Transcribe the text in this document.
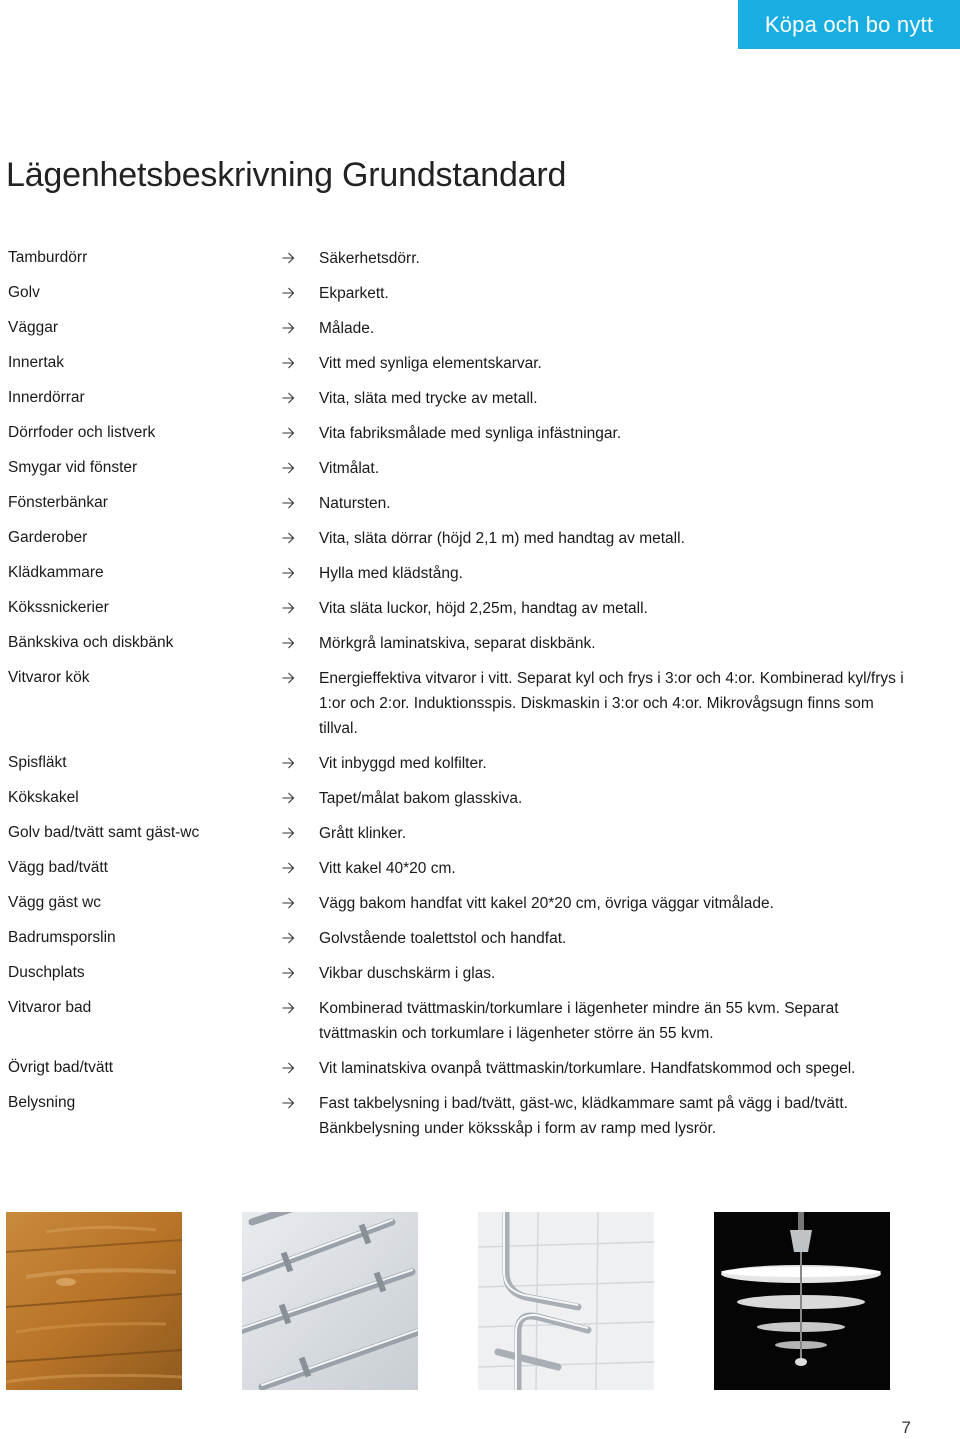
Köpa och bo nytt
Lägenhetsbeskrivning Grundstandard
Tamburdörr	Säkerhetsdörr.
Golv	Ekparkett.
Väggar	Målade.
Innertak	Vitt med synliga elementskarvar.
Innerdörrar	Vita, släta med trycke av metall.
Dörrfoder och listverk	Vita fabriksmålade med synliga infästningar.
Smygar vid fönster	Vitmålat.
Fönsterbänkar	Natursten.
Garderober	Vita, släta dörrar (höjd 2,1 m) med handtag av metall.
Klädkammare	Hylla med klädstång.
Kökssnickerier	Vita släta luckor, höjd 2,25m, handtag av metall.
Bänkskiva och diskbänk	Mörkgrå laminatskiva, separat diskbänk.
Vitvaror kök	Energieffektiva vitvaror i vitt. Separat kyl och frys i 3:or och 4:or. Kombinerad kyl/frys i 1:or och 2:or. Induktionsspis. Diskmaskin i 3:or och 4:or. Mikrovågsugn finns som tillval.
Spisfläkt	Vit inbyggd med kolfilter.
Kökskakel	Tapet/målat bakom glasskiva.
Golv bad/tvätt samt gäst-wc	Grått klinker.
Vägg bad/tvätt	Vitt kakel 40*20 cm.
Vägg gäst wc	Vägg bakom handfat vitt kakel 20*20 cm, övriga väggar vitmålade.
Badrumsporslin	Golvstående toalettstol och handfat.
Duschplats	Vikbar duschskärm i glas.
Vitvaror bad	Kombinerad tvättmaskin/torkumlare i lägenheter mindre än 55 kvm. Separat tvättmaskin och torkumlare i lägenheter större än 55 kvm.
Övrigt bad/tvätt	Vit laminatskiva ovanpå tvättmaskin/torkumlare. Handfatskommod och spegel.
Belysning	Fast takbelysning i bad/tvätt, gäst-wc, klädkammare samt på vägg i bad/tvätt. Bänkbelysning under köksskåp i form av ramp med lysrör.
7
